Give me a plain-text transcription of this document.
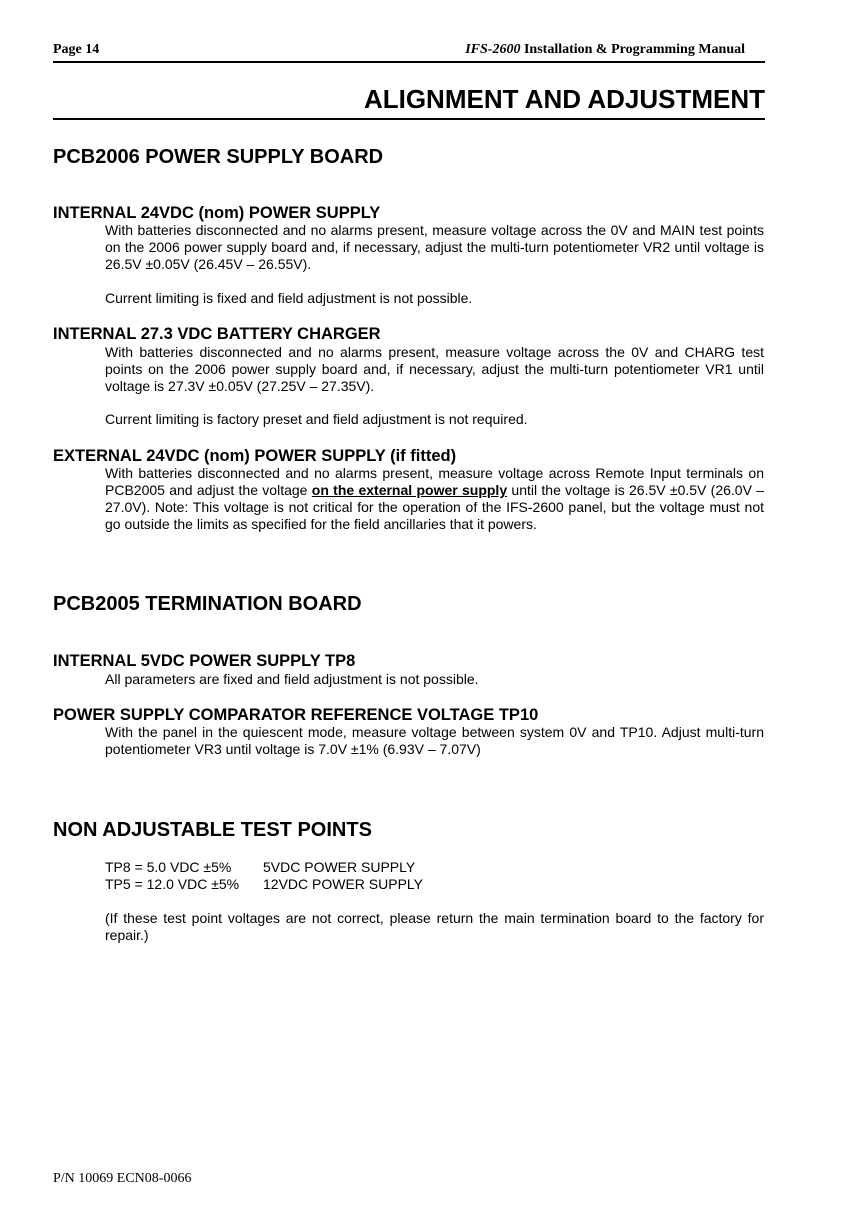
Page 14	IFS-2600 Installation & Programming Manual
ALIGNMENT AND ADJUSTMENT
PCB2006 POWER SUPPLY BOARD
INTERNAL 24VDC (nom) POWER SUPPLY
With batteries disconnected and no alarms present, measure voltage across the 0V and MAIN test points on the 2006 power supply board and, if necessary, adjust the multi-turn potentiometer VR2 until voltage is 26.5V ±0.05V (26.45V – 26.55V).
Current limiting is fixed and field adjustment is not possible.
INTERNAL 27.3 VDC BATTERY CHARGER
With batteries disconnected and no alarms present, measure voltage across the 0V and CHARG test points on the 2006 power supply board and, if necessary, adjust the multi-turn potentiometer VR1 until voltage is 27.3V ±0.05V (27.25V – 27.35V).
Current limiting is factory preset and field adjustment is not required.
EXTERNAL 24VDC (nom) POWER SUPPLY (if fitted)
With batteries disconnected and no alarms present, measure voltage across Remote Input terminals on PCB2005 and adjust the voltage on the external power supply until the voltage is 26.5V ±0.5V (26.0V – 27.0V). Note: This voltage is not critical for the operation of the IFS-2600 panel, but the voltage must not go outside the limits as specified for the field ancillaries that it powers.
PCB2005 TERMINATION BOARD
INTERNAL 5VDC POWER SUPPLY TP8
All parameters are fixed and field adjustment is not possible.
POWER SUPPLY COMPARATOR REFERENCE VOLTAGE TP10
With the panel in the quiescent mode, measure voltage between system 0V and TP10. Adjust multi-turn potentiometer VR3 until voltage is 7.0V ±1% (6.93V – 7.07V)
NON ADJUSTABLE TEST POINTS
TP8 = 5.0 VDC ±5% 5VDC POWER SUPPLY
TP5 = 12.0 VDC ±5% 12VDC POWER SUPPLY
(If these test point voltages are not correct, please return the main termination board to the factory for repair.)
P/N 10069 ECN08-0066
